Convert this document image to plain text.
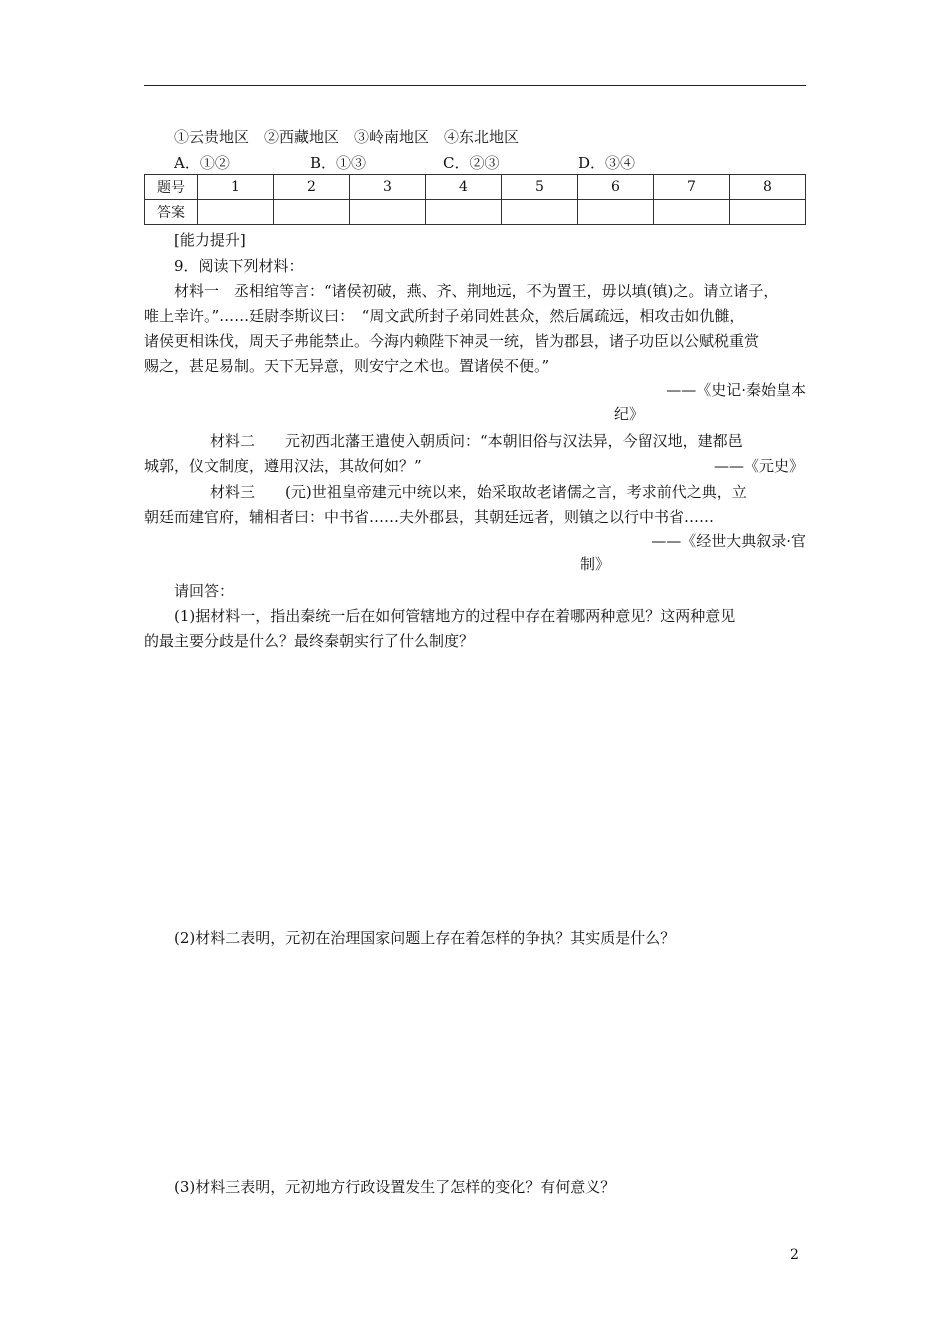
①云贵地区　②西藏地区　③岭南地区　④东北地区
A．①②	B．①③	C．②③	D．③④
题号	1	2	3	4	5	6	7	8
答案								
[能力提升]
9．阅读下列材料：
材料一　丞相绾等言：“诸侯初破，燕、齐、荆地远，不为置王，毋以填(镇)之。请立诸子，
唯上幸许。”……廷尉李斯议曰：　“周文武所封子弟同姓甚众，然后属疏远，相攻击如仇雠，
诸侯更相诛伐，周天子弗能禁止。今海内赖陛下神灵一统，皆为郡县，诸子功臣以公赋税重赏
赐之，甚足易制。天下无异意，则安宁之术也。置诸侯不便。”
——《史记·秦始皇本
纪》
材料二　　元初西北藩王遣使入朝质问：“本朝旧俗与汉法异，今留汉地，建都邑
城郭，仪文制度，遵用汉法，其故何如？”	——《元史》
材料三　　(元)世祖皇帝建元中统以来，始采取故老诸儒之言，考求前代之典，立
朝廷而建官府，辅相者曰：中书省……夫外郡县，其朝廷远者，则镇之以行中书省……
——《经世大典叙录·官
制》
请回答：
(1)据材料一，指出秦统一后在如何管辖地方的过程中存在着哪两种意见？这两种意见
的最主要分歧是什么？最终秦朝实行了什么制度？
(2)材料二表明，元初在治理国家问题上存在着怎样的争执？其实质是什么？
(3)材料三表明，元初地方行政设置发生了怎样的变化？有何意义？
2
